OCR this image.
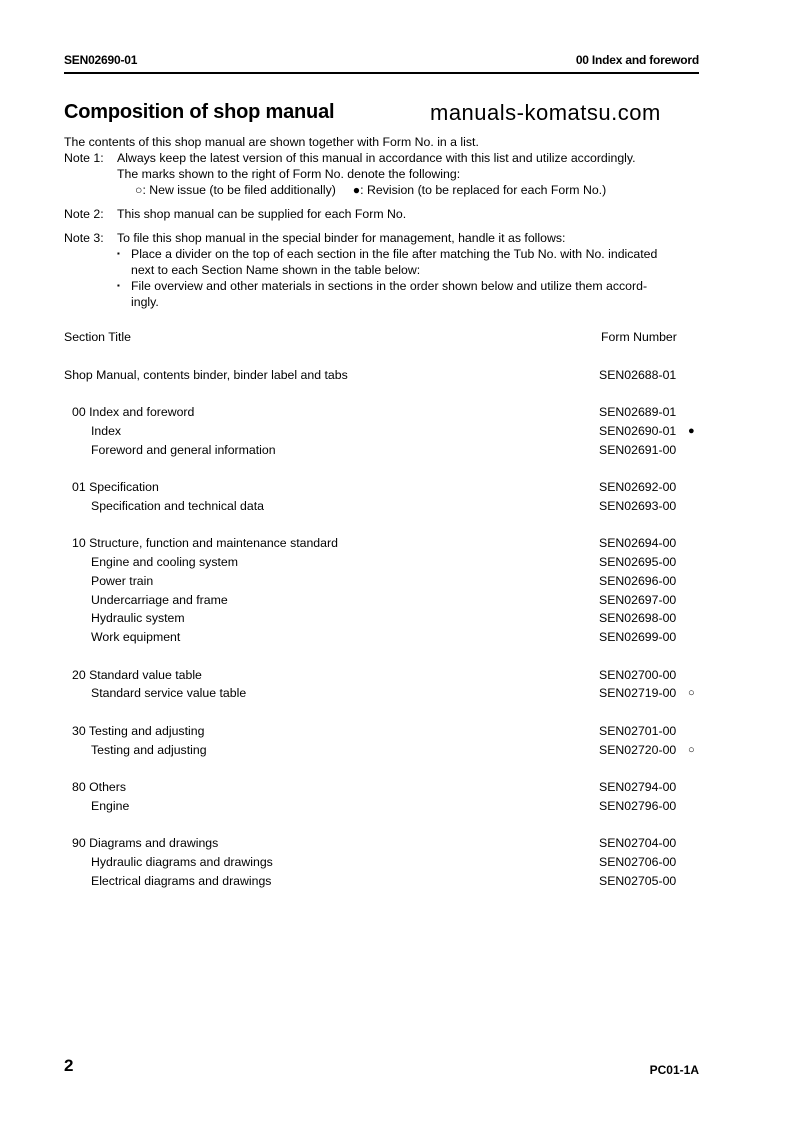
SEN02690-01	00 Index and foreword
Composition of shop manual
The contents of this shop manual are shown together with Form No. in a list.
Note 1: Always keep the latest version of this manual in accordance with this list and utilize accordingly.
The marks shown to the right of Form No. denote the following:
○: New issue (to be filed additionally) ●: Revision (to be replaced for each Form No.)
Note 2: This shop manual can be supplied for each Form No.
Note 3: To file this shop manual in the special binder for management, handle it as follows:
▪ Place a divider on the top of each section in the file after matching the Tub No. with No. indicated
next to each Section Name shown in the table below:
▪ File overview and other materials in sections in the order shown below and utilize them accord-
ingly.
manuals-komatsu.com
Section Title	Form Number
Shop Manual, contents binder, binder label and tabs	SEN02688-01
00 Index and foreword	SEN02689-01
Index	SEN02690-01 ●
Foreword and general information	SEN02691-00
01 Specification	SEN02692-00
Specification and technical data	SEN02693-00
10 Structure, function and maintenance standard	SEN02694-00
Engine and cooling system	SEN02695-00
Power train	SEN02696-00
Undercarriage and frame	SEN02697-00
Hydraulic system	SEN02698-00
Work equipment	SEN02699-00
20 Standard value table	SEN02700-00
Standard service value table	SEN02719-00 ○
30 Testing and adjusting	SEN02701-00
Testing and adjusting	SEN02720-00 ○
80 Others	SEN02794-00
Engine	SEN02796-00
90 Diagrams and drawings	SEN02704-00
Hydraulic diagrams and drawings	SEN02706-00
Electrical diagrams and drawings	SEN02705-00
2	PC01-1A
